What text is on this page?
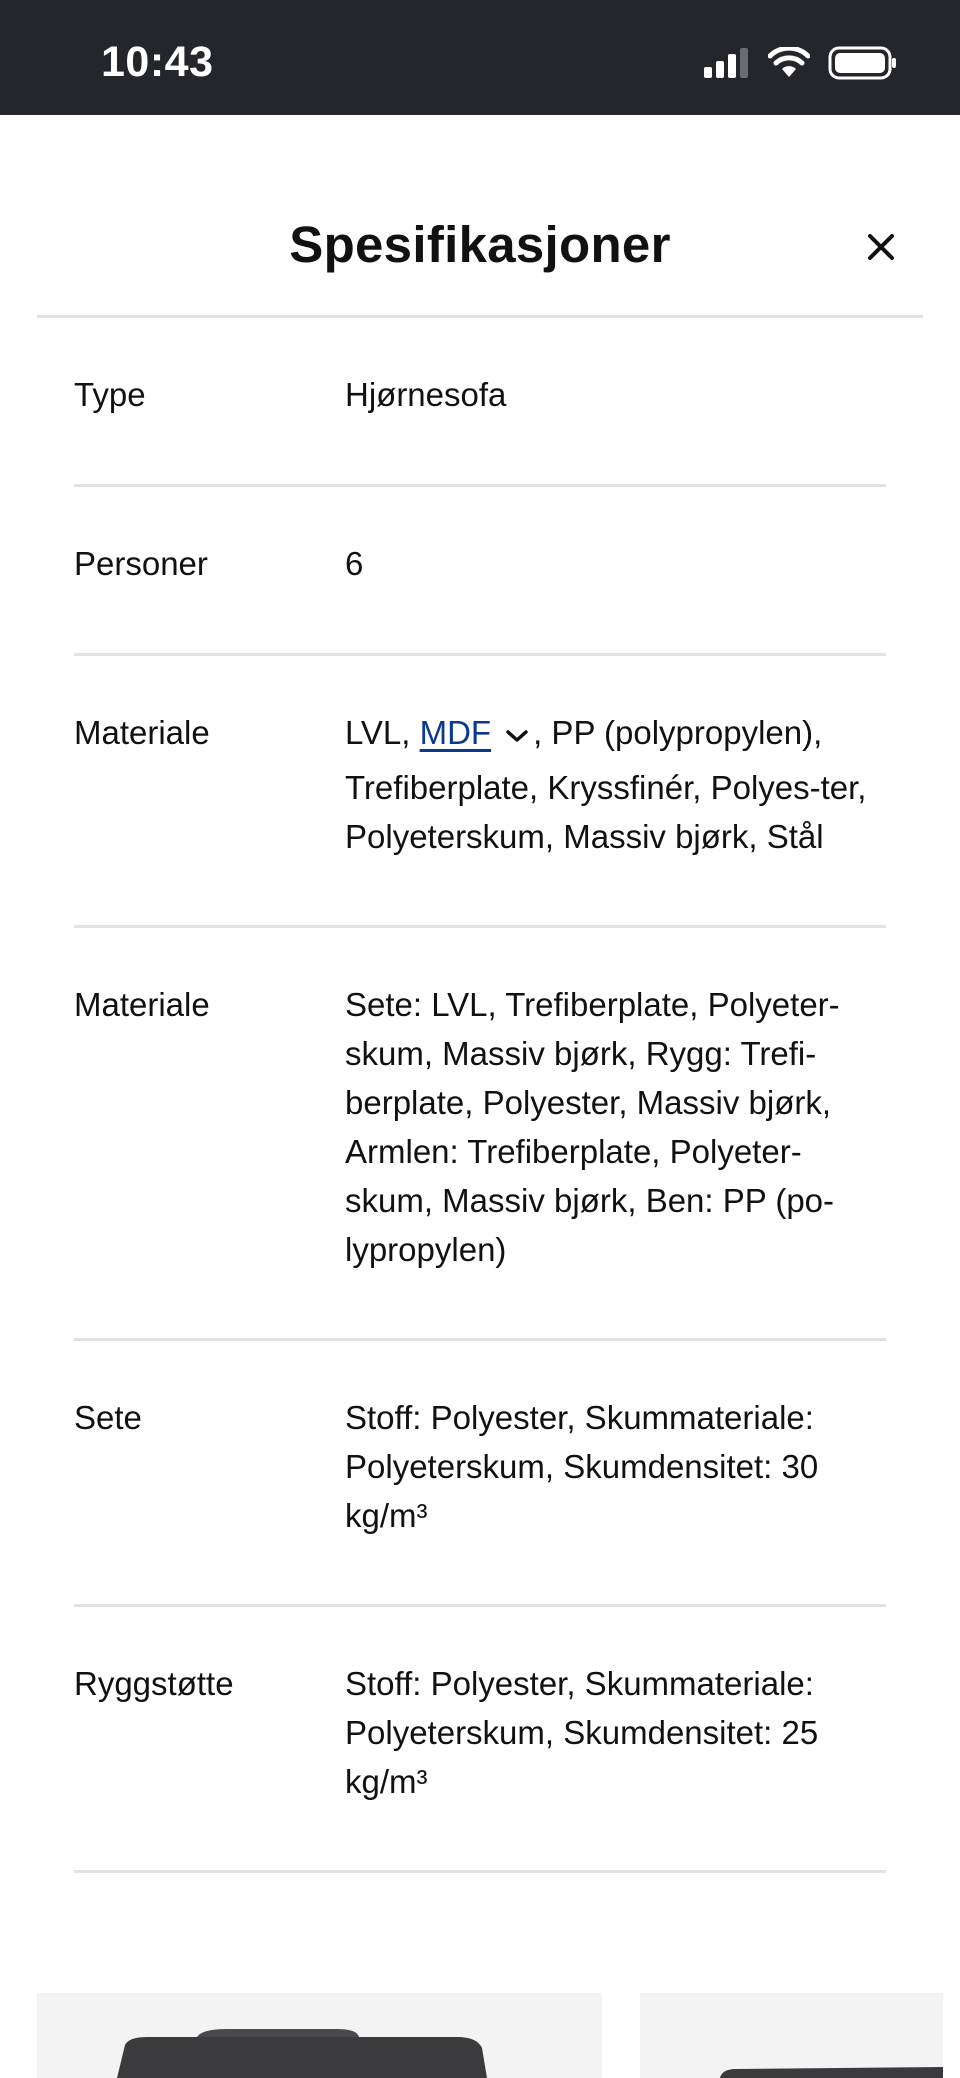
10:43
Spesifikasjoner
Type	Hjørnesofa
Personer	6
Materiale	LVL, MDF , PP (polypropylen), Trefiberplate, Kryssfinér, Polyes-ter, Polyeterskum, Massiv bjørk, Stål
Materiale	Sete: LVL, Trefiberplate, Polyeter-skum, Massiv bjørk, Rygg: Trefi-berplate, Polyester, Massiv bjørk, Armlen: Trefiberplate, Polyeter-skum, Massiv bjørk, Ben: PP (po-lypropylen)
Sete	Stoff: Polyester, Skummateriale: Polyeterskum, Skumdensitet: 30 kg/m³
Ryggstøtte	Stoff: Polyester, Skummateriale: Polyeterskum, Skumdensitet: 25 kg/m³
